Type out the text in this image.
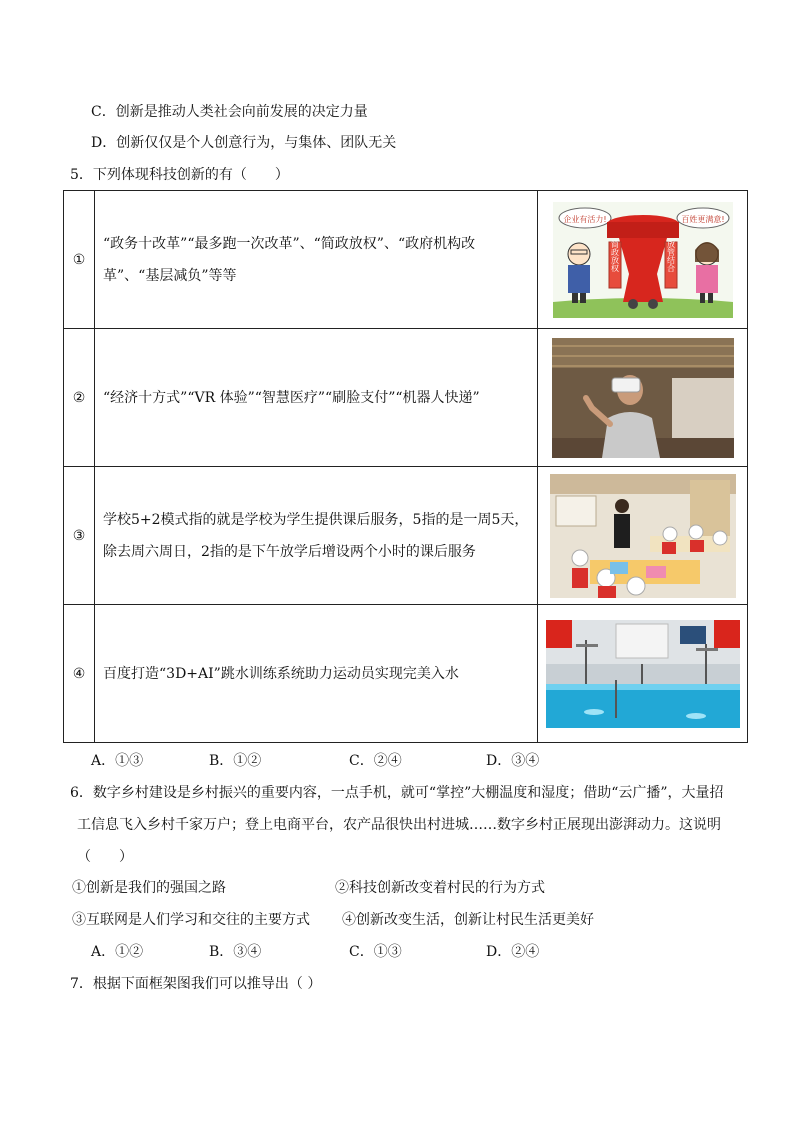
C．创新是推动人类社会向前发展的决定力量
D．创新仅仅是个人创意行为，与集体、团队无关
5．下列体现科技创新的有（　　）
①	“政务十改革”“最多跑一次改革”、“简政放权”、“政府机构改革”、“基层减负”等等	企业有活力! 百姓更满意!
简政放权 放管结合

②	“经济十方式”“VR 体验”“智慧医疗”“刷脸支付”“机器人快递”	

③	学校5+2模式指的就是学校为学生提供课后服务，5指的是一周5天，除去周六周日，2指的是下午放学后增设两个小时的课后服务	

④	百度打造“3D+AI”跳水训练系统助力运动员实现完美入水	
A．①③	B．①②	C．②④	D．③④
6．数字乡村建设是乡村振兴的重要内容，一点手机，就可“掌控”大棚温度和湿度；借助“云广播”，大量招
工信息飞入乡村千家万户；登上电商平台，农产品很快出村进城……数字乡村正展现出澎湃动力。这说明
（　　）
①创新是我们的强国之路	②科技创新改变着村民的行为方式
③互联网是人们学习和交往的主要方式 ④创新改变生活，创新让村民生活更美好
A．①②	B．③④	C．①③	D．②④
7．根据下面框架图我们可以推导出（ ）
